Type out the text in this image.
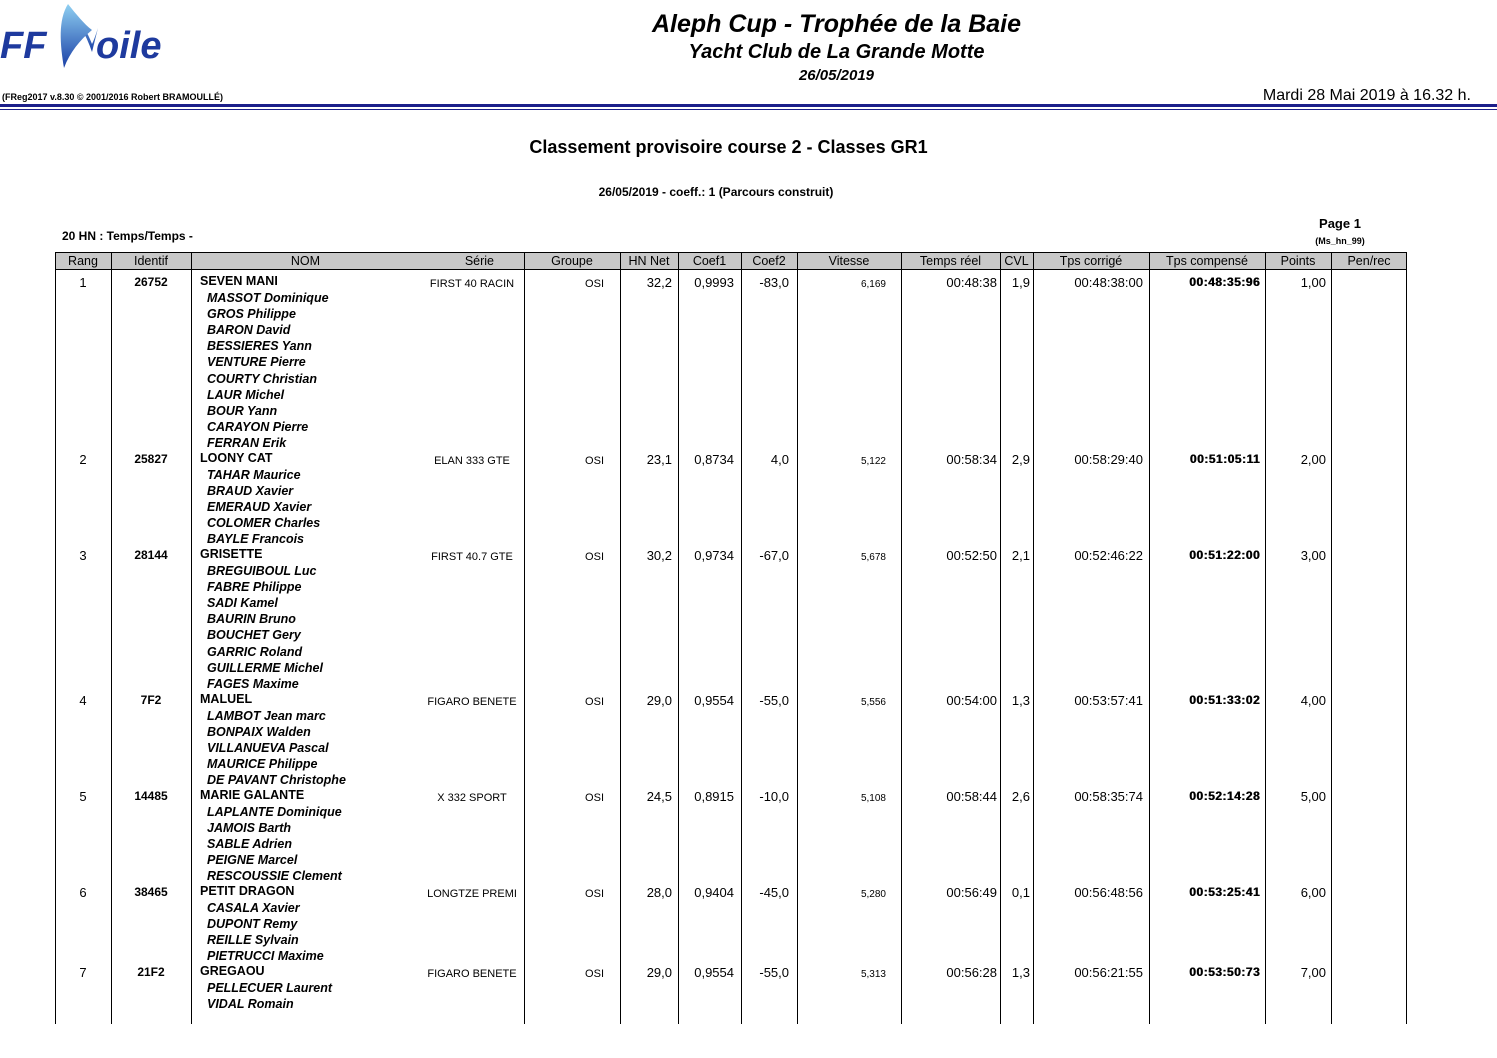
FF oile
Aleph Cup - Trophée de la Baie
Yacht Club de La Grande Motte
26/05/2019
(FReg2017 v.8.30 © 2001/2016 Robert BRAMOULLÉ)	Mardi 28 Mai 2019 à 16.32 h.
Classement provisoire course 2 - Classes GR1
26/05/2019 - coeff.: 1 (Parcours construit)
20 HN : Temps/Temps -
Page 1
(Ms_hn_99)
Rang	Identif	NOM	Série	Groupe	HN Net	Coef1	Coef2	Vitesse	Temps réel	CVL	Tps corrigé	Tps compensé	Points	Pen/rec
1	26752	SEVEN MANI	FIRST 40 RACIN	OSI	32,2	0,9993	-83,0	6,169	00:48:38	1,9	00:48:38:00	00:48:35:96	1,00
MASSOT Dominique
GROS Philippe
BARON David
BESSIERES Yann
VENTURE Pierre
COURTY Christian
LAUR Michel
BOUR Yann
CARAYON Pierre
FERRAN Erik
2	25827	LOONY CAT	ELAN 333 GTE	OSI	23,1	0,8734	4,0	5,122	00:58:34	2,9	00:58:29:40	00:51:05:11	2,00
TAHAR Maurice
BRAUD Xavier
EMERAUD Xavier
COLOMER Charles
BAYLE Francois
3	28144	GRISETTE	FIRST 40.7 GTE	OSI	30,2	0,9734	-67,0	5,678	00:52:50	2,1	00:52:46:22	00:51:22:00	3,00
BREGUIBOUL Luc
FABRE Philippe
SADI Kamel
BAURIN Bruno
BOUCHET Gery
GARRIC Roland
GUILLERME Michel
FAGES Maxime
4	7F2	MALUEL	FIGARO BENETE	OSI	29,0	0,9554	-55,0	5,556	00:54:00	1,3	00:53:57:41	00:51:33:02	4,00
LAMBOT Jean marc
BONPAIX Walden
VILLANUEVA Pascal
MAURICE Philippe
DE PAVANT Christophe
5	14485	MARIE GALANTE	X 332 SPORT	OSI	24,5	0,8915	-10,0	5,108	00:58:44	2,6	00:58:35:74	00:52:14:28	5,00
LAPLANTE Dominique
JAMOIS Barth
SABLE Adrien
PEIGNE Marcel
RESCOUSSIE Clement
6	38465	PETIT DRAGON	LONGTZE PREMI	OSI	28,0	0,9404	-45,0	5,280	00:56:49	0,1	00:56:48:56	00:53:25:41	6,00
CASALA Xavier
DUPONT Remy
REILLE Sylvain
PIETRUCCI Maxime
7	21F2	GREGAOU	FIGARO BENETE	OSI	29,0	0,9554	-55,0	5,313	00:56:28	1,3	00:56:21:55	00:53:50:73	7,00
PELLECUER Laurent
VIDAL Romain
